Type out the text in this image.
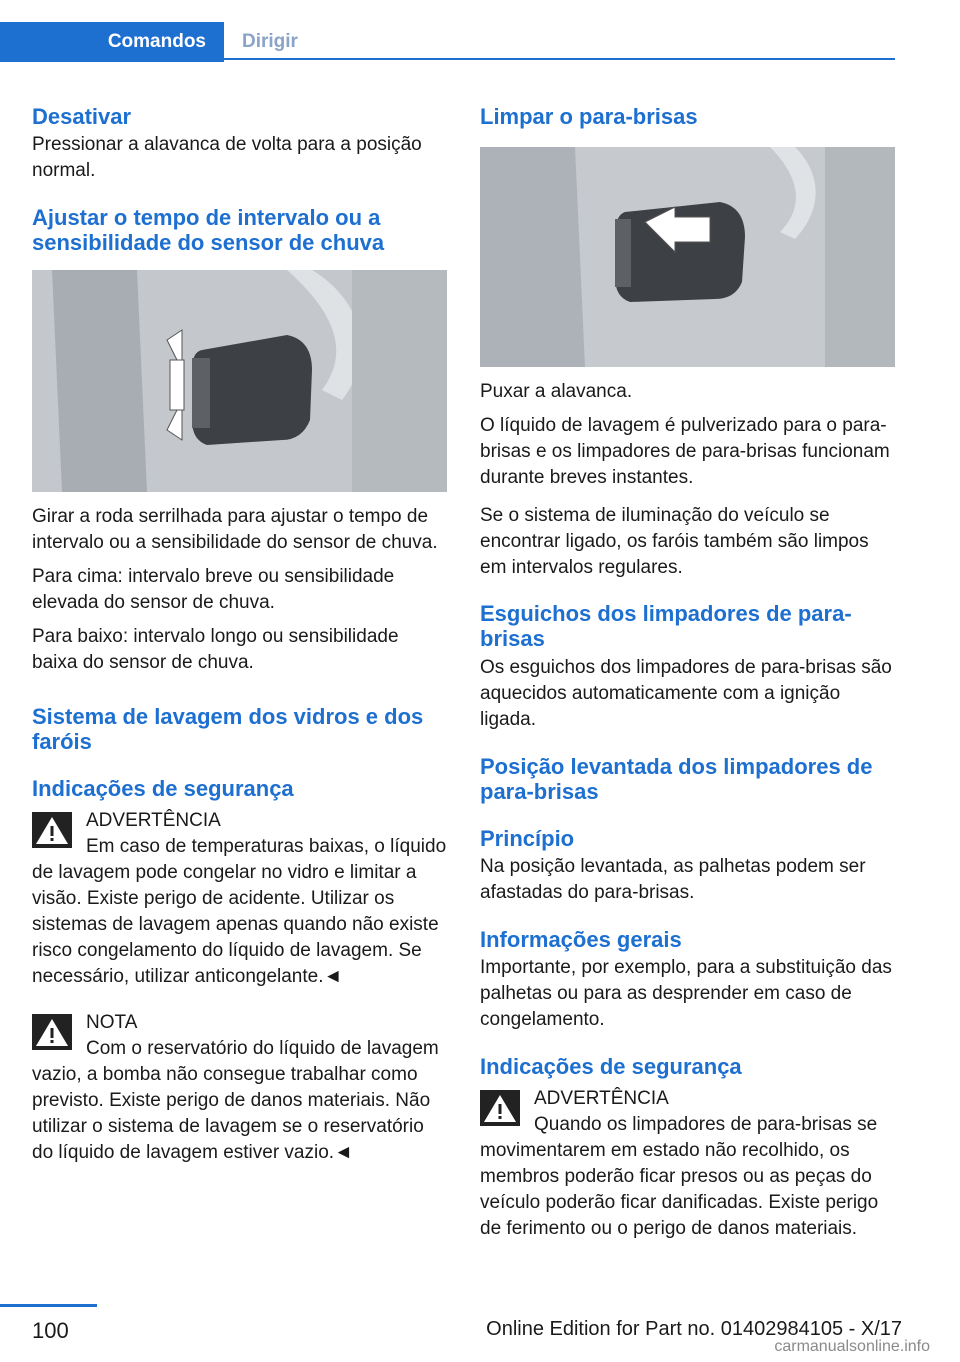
Comandos	Dirigir
Desativar
Pressionar a alavanca de volta para a posição normal.
Ajustar o tempo de intervalo ou a sensibilidade do sensor de chuva
Girar a roda serrilhada para ajustar o tempo de intervalo ou a sensibilidade do sensor de chuva.
Para cima: intervalo breve ou sensibilidade elevada do sensor de chuva.
Para baixo: intervalo longo ou sensibilidade baixa do sensor de chuva.
Sistema de lavagem dos vidros e dos faróis
Indicações de segurança
ADVERTÊNCIA
Em caso de temperaturas baixas, o líquido de lavagem pode congelar no vidro e limitar a visão. Existe perigo de acidente. Utilizar os sistemas de lavagem apenas quando não existe risco congelamento do líquido de lavagem. Se necessário, utilizar anticongelante.◄
NOTA
Com o reservatório do líquido de lavagem vazio, a bomba não consegue trabalhar como previsto. Existe perigo de danos materiais. Não utilizar o sistema de lavagem se o reservatório do líquido de lavagem estiver vazio.◄
Limpar o para-brisas
Puxar a alavanca.
O líquido de lavagem é pulverizado para o para-brisas e os limpadores de para-brisas funcionam durante breves instantes.
Se o sistema de iluminação do veículo se encontrar ligado, os faróis também são limpos em intervalos regulares.
Esguichos dos limpadores de para-brisas
Os esguichos dos limpadores de para-brisas são aquecidos automaticamente com a ignição ligada.
Posição levantada dos limpadores de para-brisas
Princípio
Na posição levantada, as palhetas podem ser afastadas do para-brisas.
Informações gerais
Importante, por exemplo, para a substituição das palhetas ou para as desprender em caso de congelamento.
Indicações de segurança
ADVERTÊNCIA
Quando os limpadores de para-brisas se movimentarem em estado não recolhido, os membros poderão ficar presos ou as peças do veículo poderão ficar danificadas. Existe perigo de ferimento ou o perigo de danos materiais.
100	Online Edition for Part no. 01402984105 - X/17
carmanualsonline.info
